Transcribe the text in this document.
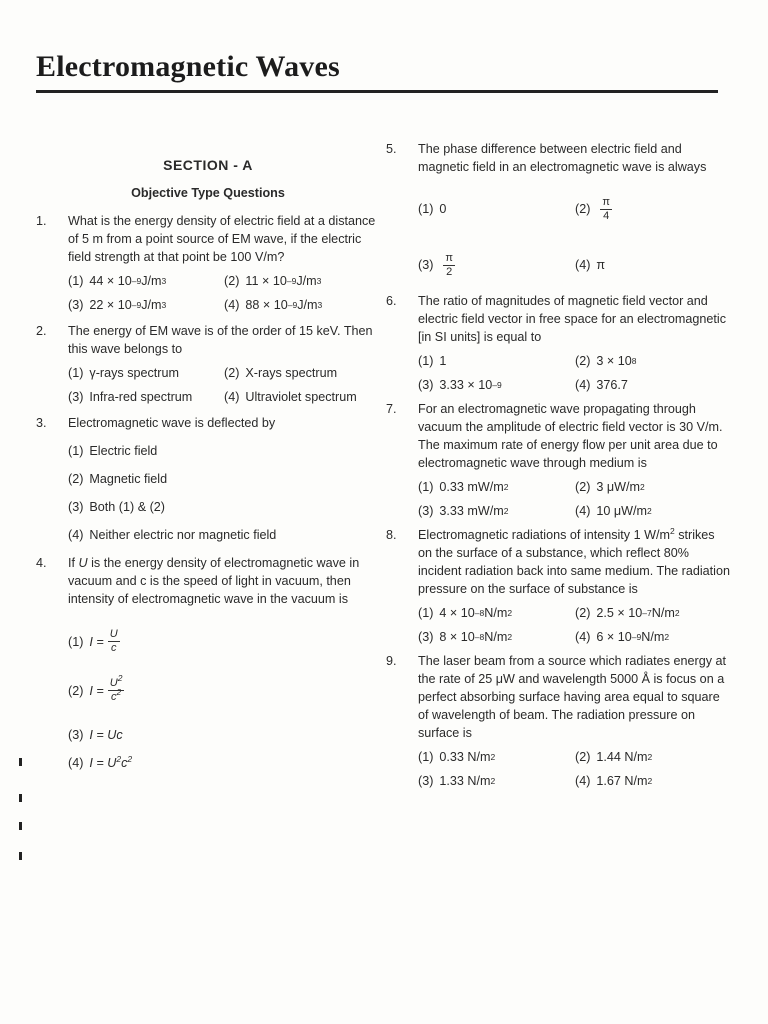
Electromagnetic Waves
SECTION - A
Objective Type Questions
1.	What is the energy density of electric field at a distance of 5 m from a point source of EM wave, if the electric field strength at that point be 100 V/m?
(1) 44 × 10 –9 J/m 3	(2) 11 × 10 –9 J/m 3
(3) 22 × 10 –9 J/m 3	(4) 88 × 10 –9 J/m 3
2.	The energy of EM wave is of the order of 15 keV. Then this wave belongs to
(1) γ-rays spectrum	(2) X-rays spectrum
(3) Infra-red spectrum	(4) Ultraviolet spectrum
3.	Electromagnetic wave is deflected by
(1) Electric field
(2) Magnetic field
(3) Both (1) & (2)
(4) Neither electric nor magnetic field
4.	If U is the energy density of electromagnetic wave in vacuum and c is the speed of light in vacuum, then intensity of electromagnetic wave in the vacuum is
(1) $I = \frac{U}{c}$
(2) $I = \frac{U^2}{c^2}$
(3) I = Uc
(4) $I = U^2c^2$
5.	The phase difference between electric field and magnetic field in an electromagnetic wave is always
(1) 0	$(2) \frac{\pi}{4}$
$(3) \frac{\pi}{2}$	(4) π
6.	The ratio of magnitudes of magnetic field vector and electric field vector in free space for an electromagnetic [in SI units] is equal to
(1) 1	(2) 3 × 10 8
(3) 3.33 × 10 –9	(4) 376.7
7.	For an electromagnetic wave propagating through vacuum the amplitude of electric field vector is 30 V/m. The maximum rate of energy flow per unit area due to electromagnetic wave through medium is
(1) 0.33 mW/m 2	(2) 3 μW/m 2
(3) 3.33 mW/m 2	(4) 10 μW/m 2
8.	Electromagnetic radiations of intensity 1 $W/m^2$ strikes on the surface of a substance, which reflect 80% incident radiation back into same medium. The radiation pressure on the surface of substance is
(1) 4 × 10 –8 N/m 2	(2) 2.5 × 10 –7 N/m 2
(3) 8 × 10 –8 N/m 2	(4) 6 × 10 –9 N/m 2
9.	The laser beam from a source which radiates energy at the rate of 25 μW and wavelength 5000 Å is focus on a perfect absorbing surface having area equal to square of wavelength of beam. The radiation pressure on surface is
(1) 0.33 N/m 2	(2) 1.44 N/m 2
(3) 1.33 N/m 2	(4) 1.67 N/m 2
